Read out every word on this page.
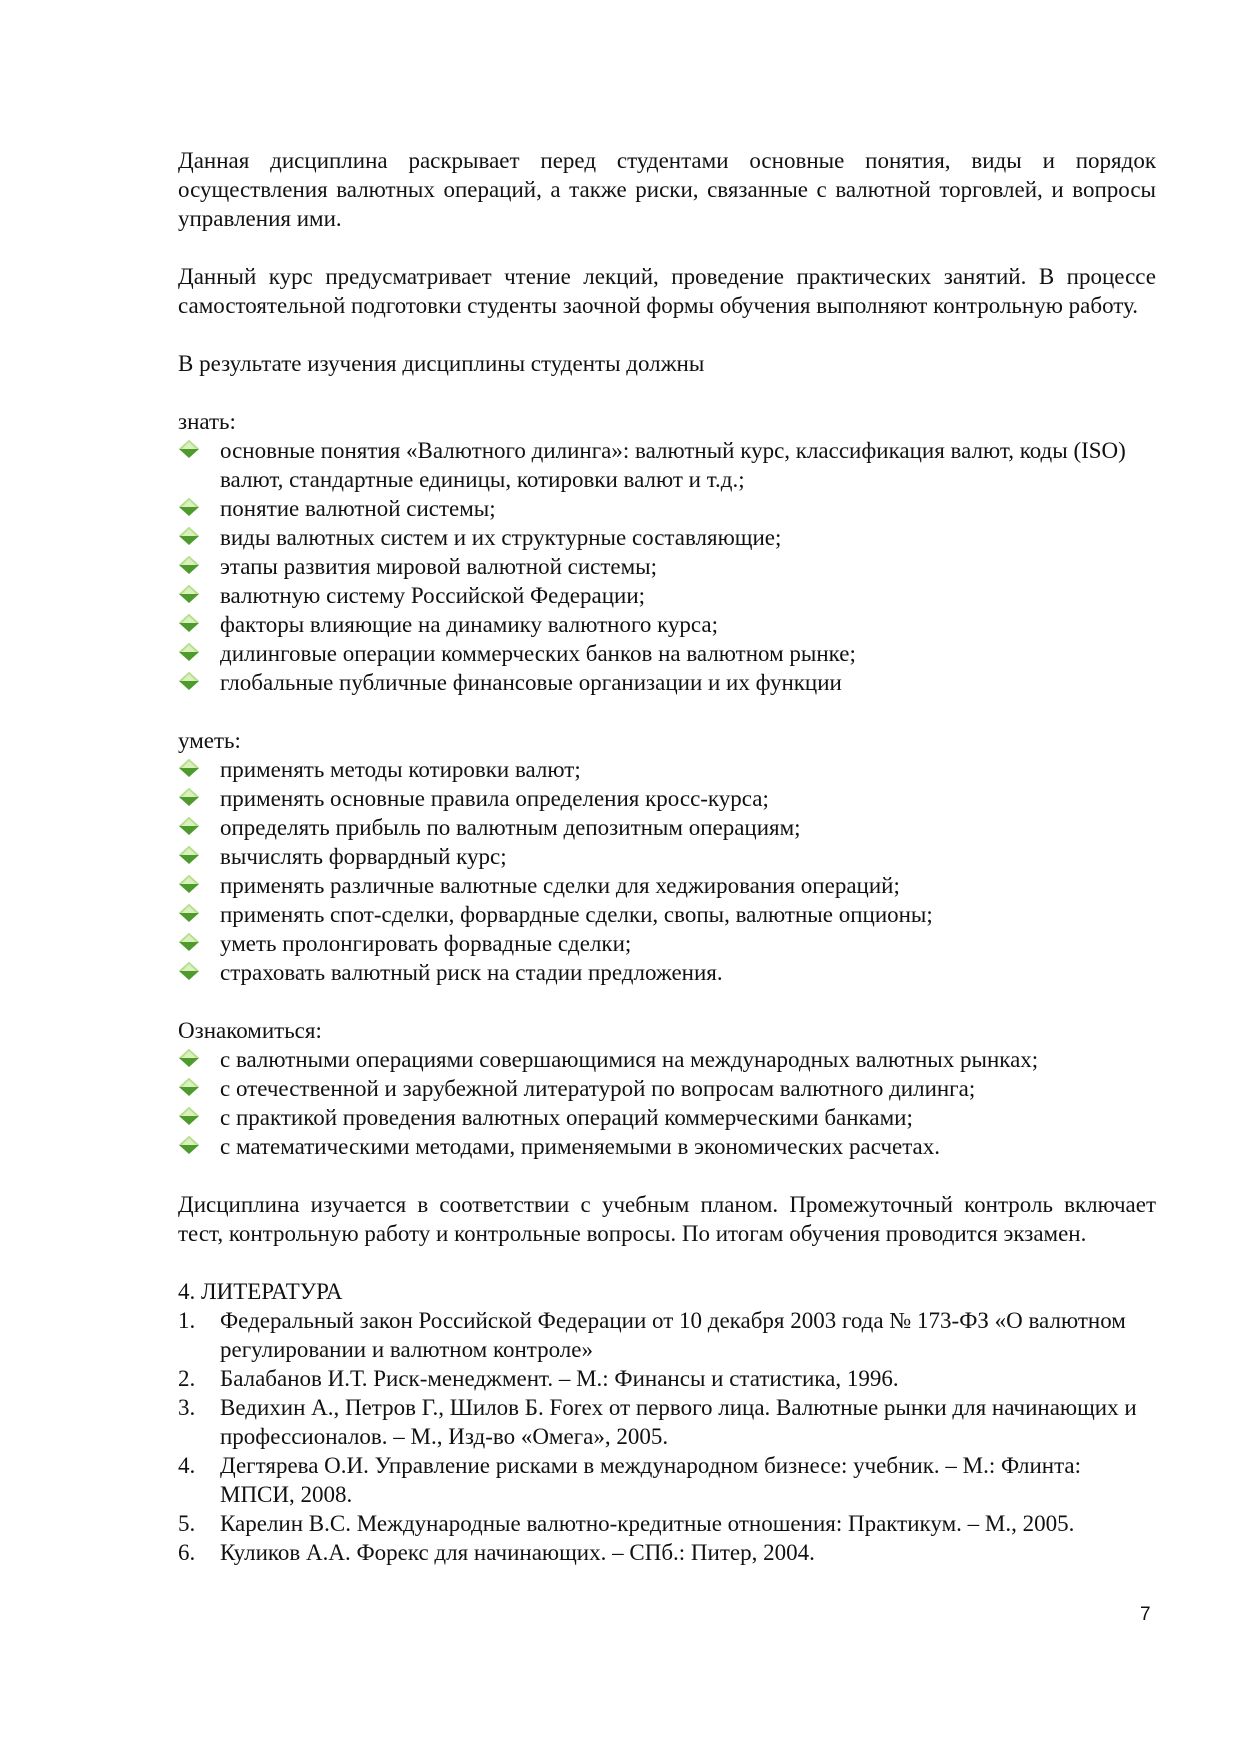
Данная дисциплина раскрывает перед студентами основные понятия, виды и порядок осуществления валютных операций, а также риски, связанные с валютной торговлей, и вопросы управления ими.

Данный курс предусматривает чтение лекций, проведение практических занятий. В процессе самостоятельной подготовки студенты заочной формы обучения выполняют контрольную работу.

В результате изучения дисциплины студенты должны

знать:

основные понятия «Валютного дилинга»: валютный курс, классификация валют, коды (ISO) валют, стандартные единицы, котировки валют и т.д.;
понятие валютной системы;
виды валютных систем и их структурные составляющие;
этапы развития мировой валютной системы;
валютную систему Российской Федерации;
факторы влияющие на динамику валютного курса;
дилинговые операции коммерческих банков на валютном рынке;
глобальные публичные финансовые организации и их функции

уметь:

применять методы котировки валют;
применять основные правила определения кросс-курса;
определять прибыль по валютным депозитным операциям;
вычислять форвардный курс;
применять различные валютные сделки для хеджирования операций;
применять спот-сделки, форвардные сделки, свопы, валютные опционы;
уметь пролонгировать форвадные сделки;
страховать валютный риск на стадии предложения.

Ознакомиться:

с валютными операциями совершающимися на международных валютных рынках;
с отечественной и зарубежной литературой по вопросам валютного дилинга;
с практикой проведения валютных операций коммерческими банками;
с математическими методами, применяемыми в экономических расчетах.

Дисциплина изучается в соответствии с учебным планом. Промежуточный контроль включает тест, контрольную работу и контрольные вопросы. По итогам обучения проводится экзамен.

4. ЛИТЕРАТУРА

1. Федеральный закон Российской Федерации от 10 декабря 2003 года № 173-ФЗ «О валютном регулировании и валютном контроле»
2. Балабанов И.Т. Риск-менеджмент. – М.: Финансы и статистика, 1996.
3. Ведихин А., Петров Г., Шилов Б. Forex от первого лица. Валютные рынки для начинающих и профессионалов. – М., Изд-во «Омега», 2005.
4. Дегтярева О.И. Управление рисками в международном бизнесе: учебник. – М.: Флинта: МПСИ, 2008.
5. Карелин В.С. Международные валютно-кредитные отношения: Практикум. – М., 2005.
6. Куликов А.А. Форекс для начинающих. – СПб.: Питер, 2004.
7
